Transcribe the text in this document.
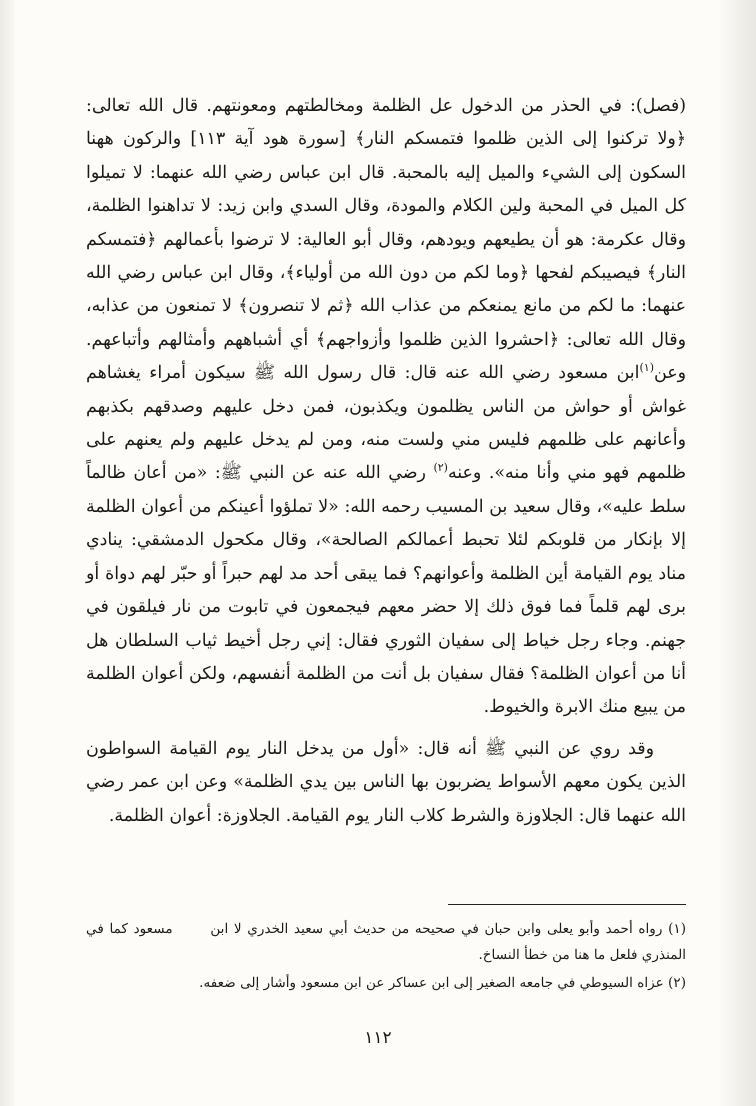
(فصل): في الحذر من الدخول عل الظلمة ومخالطتهم ومعونتهم. قال الله تعالى: ﴿ولا تركنوا إلى الذين ظلموا فتمسكم النار﴾ [سورة هود آية ١١٣] والركون ههنا السكون إلى الشيء والميل إليه بالمحبة. قال ابن عباس رضي الله عنهما: لا تميلوا كل الميل في المحبة ولين الكلام والمودة، وقال السدي وابن زيد: لا تداهنوا الظلمة، وقال عكرمة: هو أن يطيعهم ويودهم، وقال أبو العالية: لا ترضوا بأعمالهم ﴿فتمسكم النار﴾ فيصيبكم لفحها ﴿وما لكم من دون الله من أولياء﴾، وقال ابن عباس رضي الله عنهما: ما لكم من مانع يمنعكم من عذاب الله ﴿ثم لا تنصرون﴾ لا تمنعون من عذابه، وقال الله تعالى: ﴿احشروا الذين ظلموا وأزواجهم﴾ أي أشباههم وأمثالهم وأتباعهم. وعن$^{(١)}$ابن مسعود رضي الله عنه قال: قال رسول الله ﷺ سيكون أمراء يغشاهم غواش أو حواش من الناس يظلمون ويكذبون، فمن دخل عليهم وصدقهم بكذبهم وأعانهم على ظلمهم فليس مني ولست منه، ومن لم يدخل عليهم ولم يعنهم على ظلمهم فهو مني وأنا منه». وعنه$^{(٢)}$ رضي الله عنه عن النبي ﷺ: «من أعان ظالماً سلط عليه»، وقال سعيد بن المسيب رحمه الله: «لا تملؤوا أعينكم من أعوان الظلمة إلا بإنكار من قلوبكم لئلا تحبط أعمالكم الصالحة»، وقال مكحول الدمشقي: ينادي مناد يوم القيامة أين الظلمة وأعوانهم؟ فما يبقى أحد مد لهم حبراً أو حبّر لهم دواة أو برى لهم قلماً فما فوق ذلك إلا حضر معهم فيجمعون في تابوت من نار فيلقون في جهنم. وجاء رجل خياط إلى سفيان الثوري فقال: إني رجل أخيط ثياب السلطان هل أنا من أعوان الظلمة؟ فقال سفيان بل أنت من الظلمة أنفسهم، ولكن أعوان الظلمة من يبيع منك الابرة والخيوط.

وقد روي عن النبي ﷺ أنه قال: «أول من يدخل النار يوم القيامة السواطون الذين يكون معهم الأسواط يضربون بها الناس بين يدي الظلمة» وعن ابن عمر رضي الله عنهما قال: الجلاوزة والشرط كلاب النار يوم القيامة. الجلاوزة: أعوان الظلمة.

(١) رواه أحمد وأبو يعلى وابن حبان في صحيحه من حديث أبي سعيد الخدري لا ابن مسعود كما في المنذري فلعل ما هنا من خطأ النساخ.

(٢) عزاه السيوطي في جامعه الصغير إلى ابن عساكر عن ابن مسعود وأشار إلى ضعفه.

١١٢
